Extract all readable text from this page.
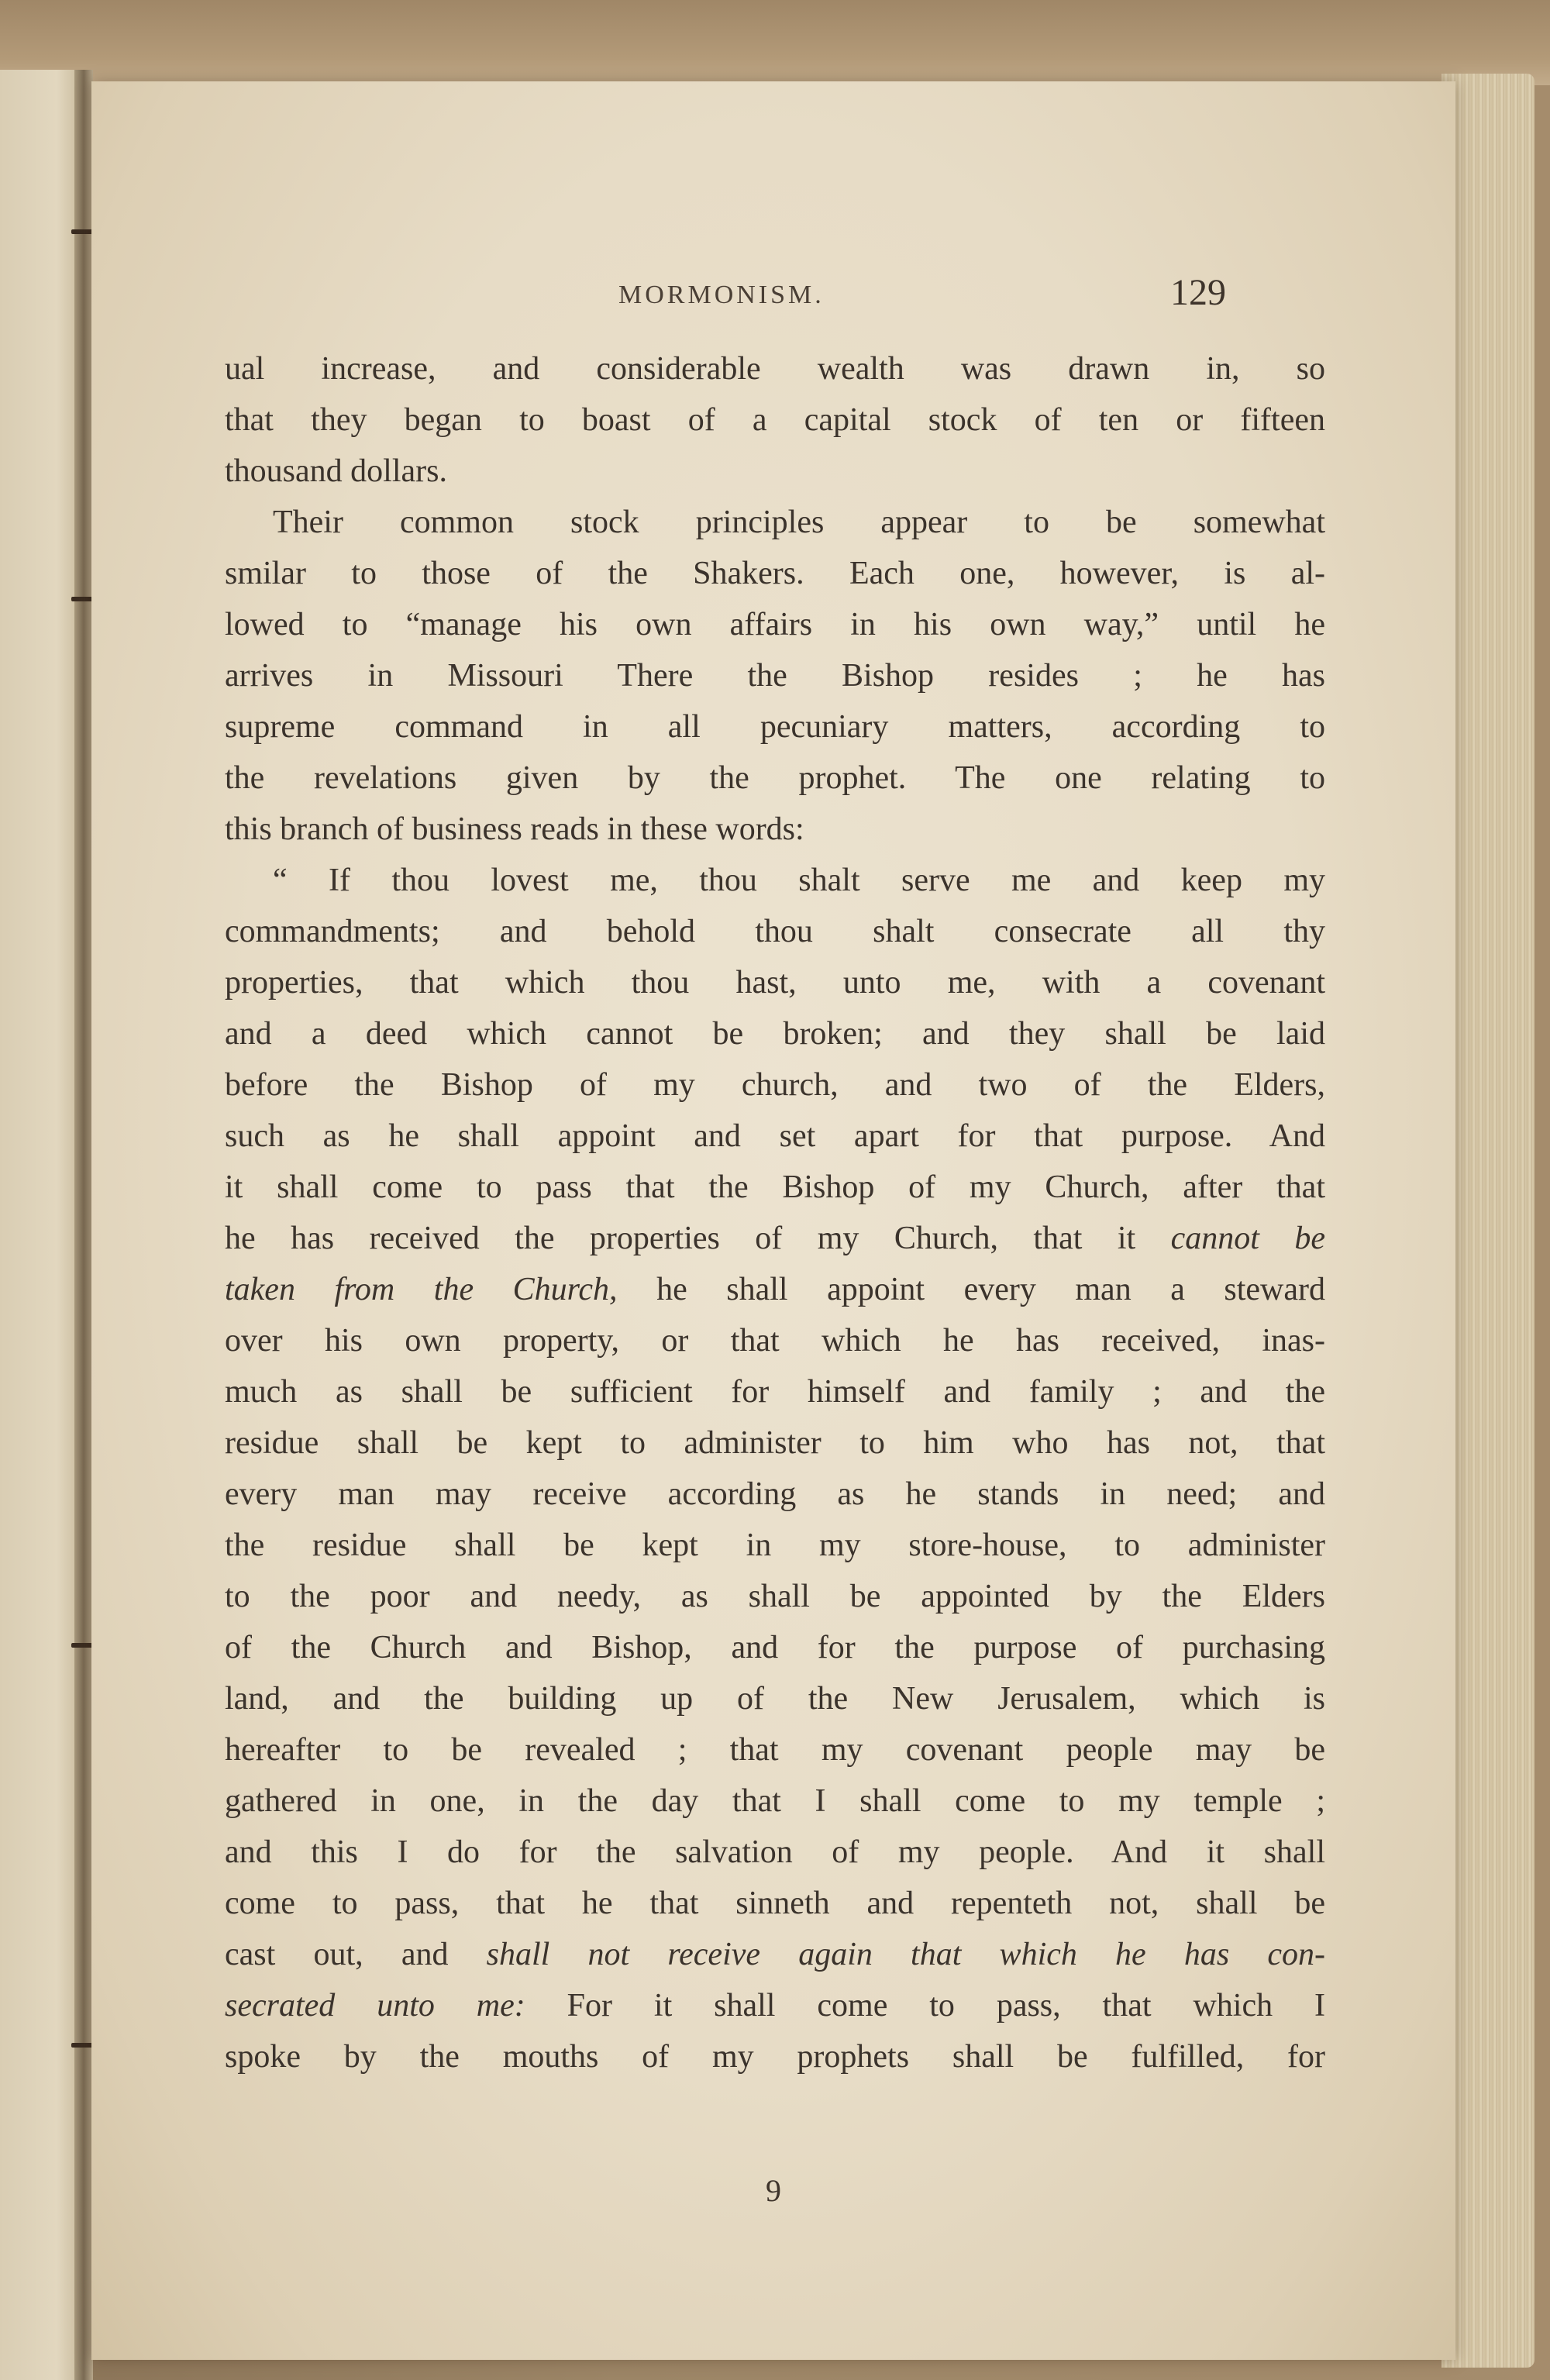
MORMONISM.	129
ual increase, and considerable wealth was drawn in, so
that they began to boast of a capital stock of ten or fifteen
thousand dollars.
Their common stock principles appear to be somewhat
smilar to those of the Shakers. Each one, however, is al-
lowed to “manage his own affairs in his own way,” until he
arrives in Missouri There the Bishop resides ; he has
supreme command in all pecuniary matters, according to
the revelations given by the prophet. The one relating to
this branch of business reads in these words:
“ If thou lovest me, thou shalt serve me and keep my
commandments; and behold thou shalt consecrate all thy
properties, that which thou hast, unto me, with a covenant
and a deed which cannot be broken; and they shall be laid
before the Bishop of my church, and two of the Elders,
such as he shall appoint and set apart for that purpose. And
it shall come to pass that the Bishop of my Church, after that
he has received the properties of my Church, that it cannot be
taken from the Church, he shall appoint every man a steward
over his own property, or that which he has received, inas-
much as shall be sufficient for himself and family ; and the
residue shall be kept to administer to him who has not, that
every man may receive according as he stands in need; and
the residue shall be kept in my store-house, to administer
to the poor and needy, as shall be appointed by the Elders
of the Church and Bishop, and for the purpose of purchasing
land, and the building up of the New Jerusalem, which is
hereafter to be revealed ; that my covenant people may be
gathered in one, in the day that I shall come to my temple ;
and this I do for the salvation of my people. And it shall
come to pass, that he that sinneth and repenteth not, shall be
cast out, and shall not receive again that which he has con-
secrated unto me: For it shall come to pass, that which I
spoke by the mouths of my prophets shall be fulfilled, for
9
